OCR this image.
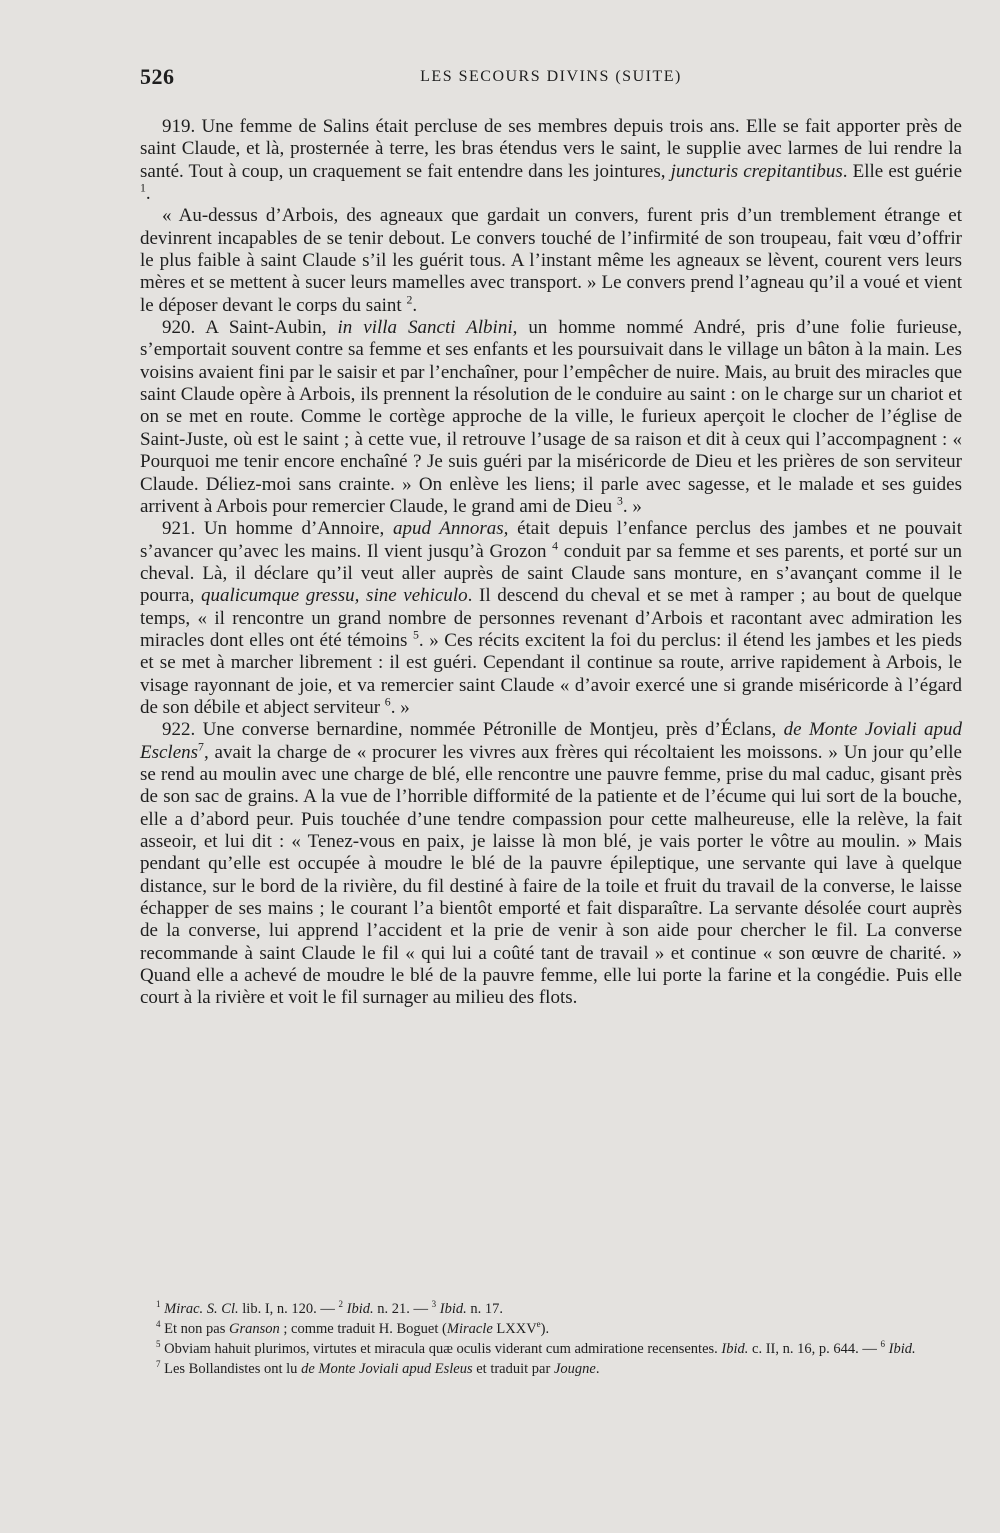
526	LES SECOURS DIVINS (SUITE)

919. Une femme de Salins était percluse de ses membres depuis trois ans. Elle se fait apporter près de saint Claude, et là, prosternée à terre, les bras étendus vers le saint, le supplie avec larmes de lui rendre la santé. Tout à coup, un craquement se fait entendre dans les jointures, juncturis crepitantibus. Elle est guérie $^1$.

« Au-dessus d’Arbois, des agneaux que gardait un convers, furent pris d’un tremblement étrange et devinrent incapables de se tenir debout. Le convers touché de l’infirmité de son troupeau, fait vœu d’offrir le plus faible à saint Claude s’il les guérit tous. A l’instant même les agneaux se lèvent, courent vers leurs mères et se mettent à sucer leurs mamelles avec transport. » Le convers prend l’agneau qu’il a voué et vient le déposer devant le corps du saint $^2$.

920. A Saint-Aubin, in villa Sancti Albini, un homme nommé André, pris d’une folie furieuse, s’emportait souvent contre sa femme et ses enfants et les poursuivait dans le village un bâton à la main. Les voisins avaient fini par le saisir et par l’enchaîner, pour l’empêcher de nuire. Mais, au bruit des miracles que saint Claude opère à Arbois, ils prennent la résolution de le conduire au saint : on le charge sur un chariot et on se met en route. Comme le cortège approche de la ville, le furieux aperçoit le clocher de l’église de Saint-Juste, où est le saint ; à cette vue, il retrouve l’usage de sa raison et dit à ceux qui l’accompagnent : « Pourquoi me tenir encore enchaîné ? Je suis guéri par la miséricorde de Dieu et les prières de son serviteur Claude. Déliez-moi sans crainte. » On enlève les liens; il parle avec sagesse, et le malade et ses guides arrivent à Arbois pour remercier Claude, le grand ami de Dieu $^3$. »

921. Un homme d’Annoire, apud Annoras, était depuis l’enfance perclus des jambes et ne pouvait s’avancer qu’avec les mains. Il vient jusqu’à Grozon $^4$ conduit par sa femme et ses parents, et porté sur un cheval. Là, il déclare qu’il veut aller auprès de saint Claude sans monture, en s’avançant comme il le pourra, qualicumque gressu, sine vehiculo. Il descend du cheval et se met à ramper ; au bout de quelque temps, « il rencontre un grand nombre de personnes revenant d’Arbois et racontant avec admiration les miracles dont elles ont été témoins $^5$. » Ces récits excitent la foi du perclus: il étend les jambes et les pieds et se met à marcher librement : il est guéri. Cependant il continue sa route, arrive rapidement à Arbois, le visage rayonnant de joie, et va remercier saint Claude « d’avoir exercé une si grande miséricorde à l’égard de son débile et abject serviteur $^6$. »

922. Une converse bernardine, nommée Pétronille de Montjeu, près d’Éclans, de Monte Joviali apud Esclens$^7$, avait la charge de « procurer les vivres aux frères qui récoltaient les moissons. » Un jour qu’elle se rend au moulin avec une charge de blé, elle rencontre une pauvre femme, prise du mal caduc, gisant près de son sac de grains. A la vue de l’horrible difformité de la patiente et de l’écume qui lui sort de la bouche, elle a d’abord peur. Puis touchée d’une tendre compassion pour cette malheureuse, elle la relève, la fait asseoir, et lui dit : « Tenez-vous en paix, je laisse là mon blé, je vais porter le vôtre au moulin. » Mais pendant qu’elle est occupée à moudre le blé de la pauvre épileptique, une servante qui lave à quelque distance, sur le bord de la rivière, du fil destiné à faire de la toile et fruit du travail de la converse, le laisse échapper de ses mains ; le courant l’a bientôt emporté et fait disparaître. La servante désolée court auprès de la converse, lui apprend l’accident et la prie de venir à son aide pour chercher le fil. La converse recommande à saint Claude le fil « qui lui a coûté tant de travail » et continue « son œuvre de charité. » Quand elle a achevé de moudre le blé de la pauvre femme, elle lui porte la farine et la congédie. Puis elle court à la rivière et voit le fil surnager au milieu des flots.

$^1$ Mirac. S. Cl. lib. I, n. 120. — $^2$ Ibid. n. 21. — $^3$ Ibid. n. 17.

$^4$ Et non pas Granson ; comme traduit H. Boguet (Miracle LXXVe).

$^5$ Obviam hahuit plurimos, virtutes et miracula quæ oculis viderant cum admiratione recensentes. Ibid. c. II, n. 16, p. 644. — $^6$ Ibid.

$^7$ Les Bollandistes ont lu de Monte Joviali apud Esleus et traduit par Jougne.
